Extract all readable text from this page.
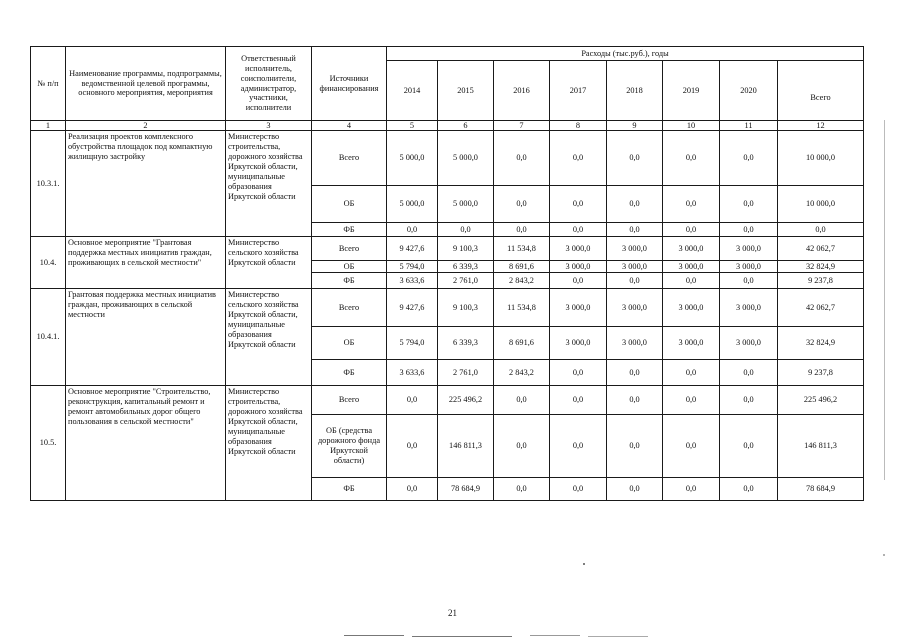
№ п/п	Наименование программы, подпрограммы, ведомственной целевой программы, основного мероприятия, мероприятия	Ответственный исполнитель, соисполнители, администратор, участники, исполнители	Источники финансирования	Расходы (тыс.руб.), годы							
				2014	2015	2016	2017	2018	2019	2020	Всего
1	2	3	4	5	6	7	8	9	10	11	12
10.3.1.	Реализация проектов комплексного обустройства площадок под компактную жилищную застройку	Министерство строительства, дорожного хозяйства Иркутской области, муниципальные образования Иркутской области	Всего	5 000,0	5 000,0	0,0	0,0	0,0	0,0	0,0	10 000,0
			ОБ	5 000,0	5 000,0	0,0	0,0	0,0	0,0	0,0	10 000,0
			ФБ	0,0	0,0	0,0	0,0	0,0	0,0	0,0	0,0
10.4.	Основное мероприятие "Грантовая поддержка местных инициатив граждан, проживающих в сельской местности"	Министерство сельского хозяйства Иркутской области	Всего	9 427,6	9 100,3	11 534,8	3 000,0	3 000,0	3 000,0	3 000,0	42 062,7
			ОБ	5 794,0	6 339,3	8 691,6	3 000,0	3 000,0	3 000,0	3 000,0	32 824,9
			ФБ	3 633,6	2 761,0	2 843,2	0,0	0,0	0,0	0,0	9 237,8
10.4.1.	Грантовая поддержка местных инициатив граждан, проживающих в сельской местности	Министерство сельского хозяйства Иркутской области, муниципальные образования Иркутской области	Всего	9 427,6	9 100,3	11 534,8	3 000,0	3 000,0	3 000,0	3 000,0	42 062,7
			ОБ	5 794,0	6 339,3	8 691,6	3 000,0	3 000,0	3 000,0	3 000,0	32 824,9
			ФБ	3 633,6	2 761,0	2 843,2	0,0	0,0	0,0	0,0	9 237,8
10.5.	Основное мероприятие "Строительство, реконструкция, капитальный ремонт и ремонт автомобильных дорог общего пользования в сельской местности"	Министерство строительства, дорожного хозяйства Иркутской области, муниципальные образования Иркутской области	Всего	0,0	225 496,2	0,0	0,0	0,0	0,0	0,0	225 496,2
			ОБ (средства дорожного фонда Иркутской области)	0,0	146 811,3	0,0	0,0	0,0	0,0	0,0	146 811,3
			ФБ	0,0	78 684,9	0,0	0,0	0,0	0,0	0,0	78 684,9
21
